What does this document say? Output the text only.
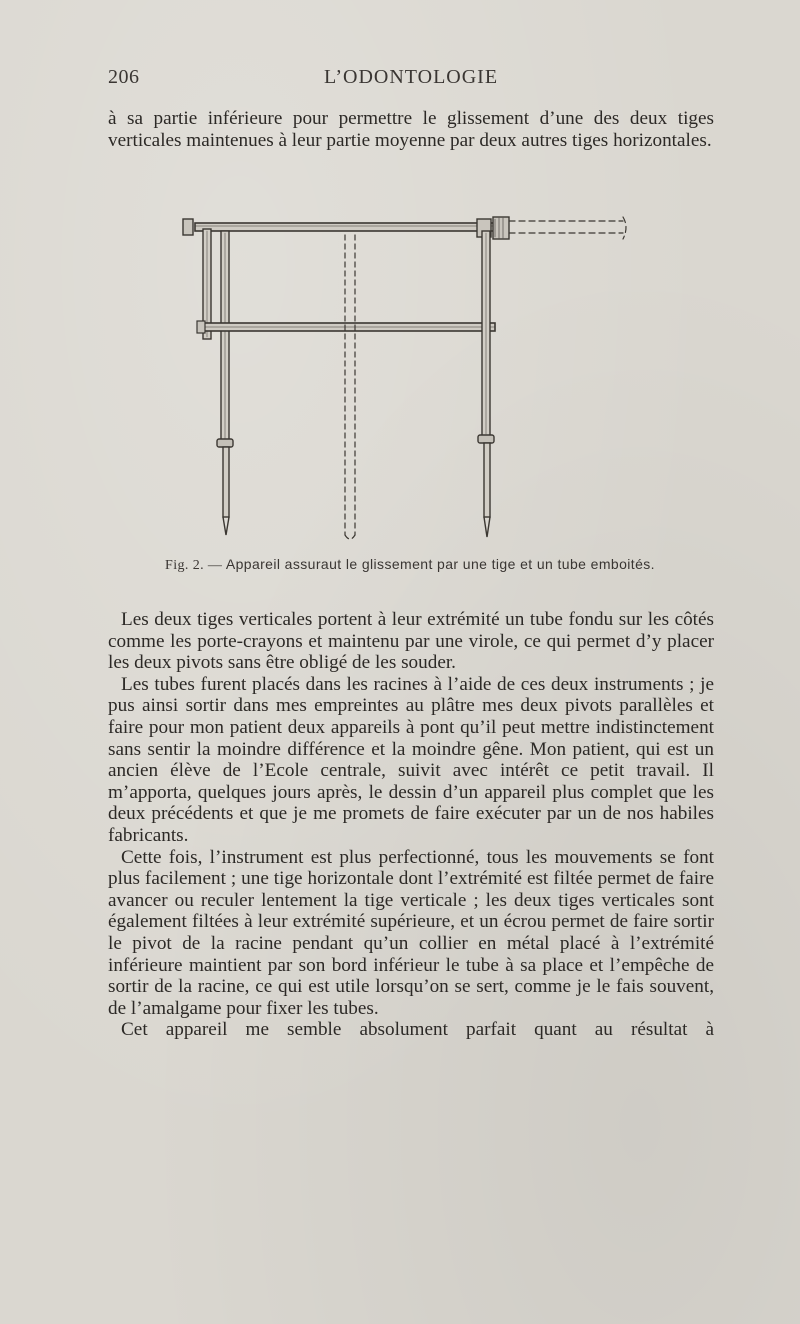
206	L’ODONTOLOGIE

à sa partie inférieure pour permettre le glissement d’une des deux tiges verticales maintenues à leur partie moyenne par deux autres tiges horizontales.

Fig. 2. — Appareil assuraut le glissement par une tige et un tube emboités.

Les deux tiges verticales portent à leur extrémité un tube fondu sur les côtés comme les porte-crayons et maintenu par une virole, ce qui permet d’y placer les deux pivots sans être obligé de les souder.

Les tubes furent placés dans les racines à l’aide de ces deux instruments ; je pus ainsi sortir dans mes empreintes au plâtre mes deux pivots parallèles et faire pour mon patient deux appareils à pont qu’il peut mettre indistinctement sans sentir la moindre différence et la moindre gêne. Mon patient, qui est un ancien élève de l’Ecole centrale, suivit avec intérêt ce petit travail. Il m’apporta, quelques jours après, le dessin d’un appareil plus complet que les deux précédents et que je me promets de faire exécuter par un de nos habiles fabricants.

Cette fois, l’instrument est plus perfectionné, tous les mouvements se font plus facilement ; une tige horizontale dont l’extrémité est filtée permet de faire avancer ou reculer lentement la tige verticale ; les deux tiges verticales sont également filtées à leur extrémité supérieure, et un écrou permet de faire sortir le pivot de la racine pendant qu’un collier en métal placé à l’extrémité inférieure maintient par son bord inférieur le tube à sa place et l’empêche de sortir de la racine, ce qui est utile lorsqu’on se sert, comme je le fais souvent, de l’amalgame pour fixer les tubes.

Cet appareil me semble absolument parfait quant au résultat à
